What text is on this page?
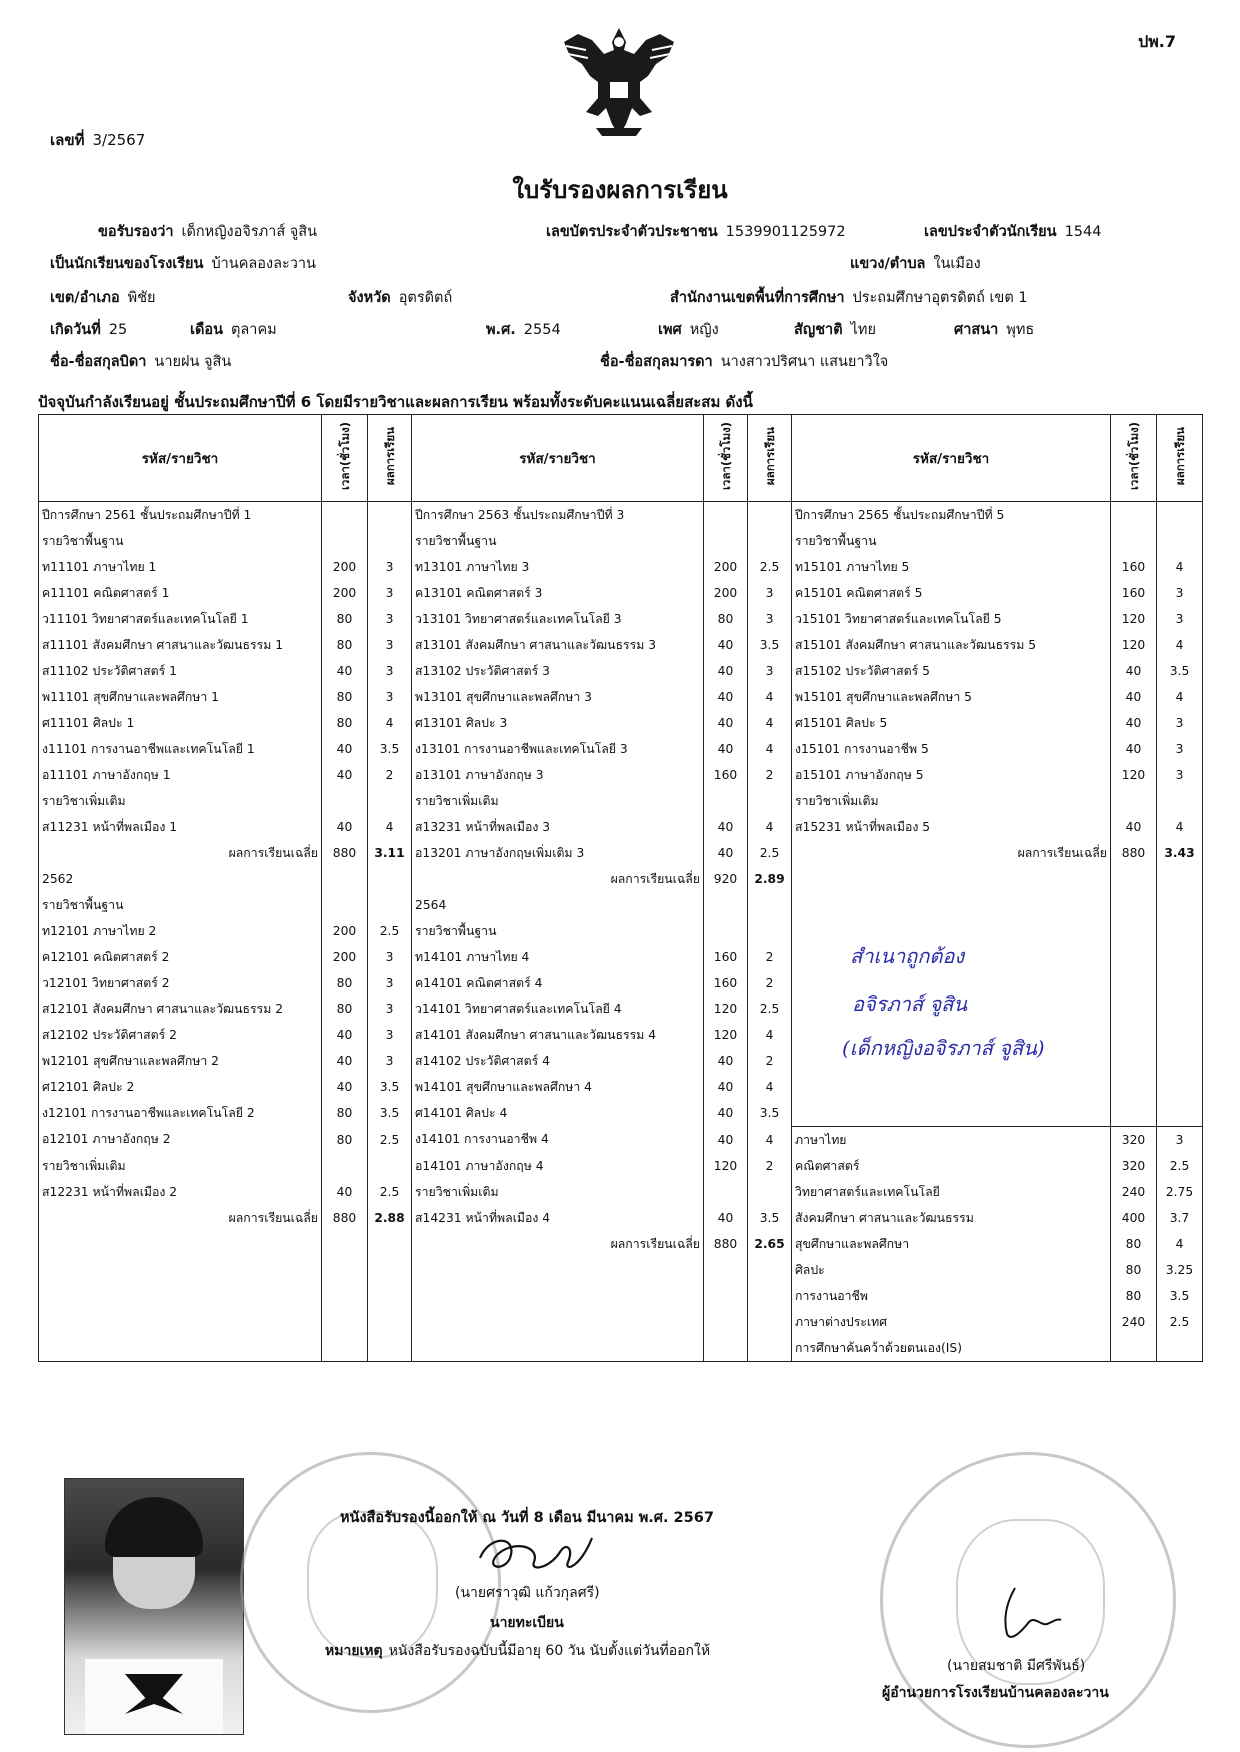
ปพ.7
เลขที่ 3/2567
ใบรับรองผลการเรียน
ขอรับรองว่า เด็กหญิงอจิรภาส์ จูสิน	เลขบัตรประจำตัวประชาชน 1539901125972	เลขประจำตัวนักเรียน 1544
เป็นนักเรียนของโรงเรียน บ้านคลองละวาน	แขวง/ตำบล ในเมือง
เขต/อำเภอ พิชัย	จังหวัด อุตรดิตถ์	สำนักงานเขตพื้นที่การศึกษา ประถมศึกษาอุตรดิตถ์ เขต 1
เกิดวันที่ 25	เดือน ตุลาคม	พ.ศ. 2554	เพศ หญิง	สัญชาติ ไทย	ศาสนา พุทธ
ชื่อ-ชื่อสกุลบิดา นายฝน จูสิน	ชื่อ-ชื่อสกุลมารดา นางสาวปริศนา แสนยาวิใจ
ปัจจุบันกำลังเรียนอยู่ ชั้นประถมศึกษาปีที่ 6 โดยมีรายวิชาและผลการเรียน พร้อมทั้งระดับคะแนนเฉลี่ยสะสม ดังนี้
รหัส/รายวิชา	เวลา(ชั่วโมง)	ผลการเรียน	รหัส/รายวิชา	เวลา(ชั่วโมง)	ผลการเรียน	รหัส/รายวิชา	เวลา(ชั่วโมง)	ผลการเรียน
ปีการศึกษา 2561 ชั้นประถมศึกษาปีที่ 1			ปีการศึกษา 2563 ชั้นประถมศึกษาปีที่ 3			ปีการศึกษา 2565 ชั้นประถมศึกษาปีที่ 5		
รายวิชาพื้นฐาน			รายวิชาพื้นฐาน			รายวิชาพื้นฐาน		
ท11101 ภาษาไทย 1	200	3	ท13101 ภาษาไทย 3	200	2.5	ท15101 ภาษาไทย 5	160	4
ค11101 คณิตศาสตร์ 1	200	3	ค13101 คณิตศาสตร์ 3	200	3	ค15101 คณิตศาสตร์ 5	160	3
ว11101 วิทยาศาสตร์และเทคโนโลยี 1	80	3	ว13101 วิทยาศาสตร์และเทคโนโลยี 3	80	3	ว15101 วิทยาศาสตร์และเทคโนโลยี 5	120	3
ส11101 สังคมศึกษา ศาสนาและวัฒนธรรม 1	80	3	ส13101 สังคมศึกษา ศาสนาและวัฒนธรรม 3	40	3.5	ส15101 สังคมศึกษา ศาสนาและวัฒนธรรม 5	120	4
ส11102 ประวัติศาสตร์ 1	40	3	ส13102 ประวัติศาสตร์ 3	40	3	ส15102 ประวัติศาสตร์ 5	40	3.5
พ11101 สุขศึกษาและพลศึกษา 1	80	3	พ13101 สุขศึกษาและพลศึกษา 3	40	4	พ15101 สุขศึกษาและพลศึกษา 5	40	4
ศ11101 ศิลปะ 1	80	4	ศ13101 ศิลปะ 3	40	4	ศ15101 ศิลปะ 5	40	3
ง11101 การงานอาชีพและเทคโนโลยี 1	40	3.5	ง13101 การงานอาชีพและเทคโนโลยี 3	40	4	ง15101 การงานอาชีพ 5	40	3
อ11101 ภาษาอังกฤษ 1	40	2	อ13101 ภาษาอังกฤษ 3	160	2	อ15101 ภาษาอังกฤษ 5	120	3
รายวิชาเพิ่มเติม			รายวิชาเพิ่มเติม			รายวิชาเพิ่มเติม		
ส11231 หน้าที่พลเมือง 1	40	4	ส13231 หน้าที่พลเมือง 3	40	4	ส15231 หน้าที่พลเมือง 5	40	4
ผลการเรียนเฉลี่ย	880	3.11	อ13201 ภาษาอังกฤษเพิ่มเติม 3	40	2.5	ผลการเรียนเฉลี่ย	880	3.43
2562			ผลการเรียนเฉลี่ย	920	2.89			
รายวิชาพื้นฐาน			2564					
ท12101 ภาษาไทย 2	200	2.5	รายวิชาพื้นฐาน					
ค12101 คณิตศาสตร์ 2	200	3	ท14101 ภาษาไทย 4	160	2			
ว12101 วิทยาศาสตร์ 2	80	3	ค14101 คณิตศาสตร์ 4	160	2			
ส12101 สังคมศึกษา ศาสนาและวัฒนธรรม 2	80	3	ว14101 วิทยาศาสตร์และเทคโนโลยี 4	120	2.5			
ส12102 ประวัติศาสตร์ 2	40	3	ส14101 สังคมศึกษา ศาสนาและวัฒนธรรม 4	120	4			
พ12101 สุขศึกษาและพลศึกษา 2	40	3	ส14102 ประวัติศาสตร์ 4	40	2			
ศ12101 ศิลปะ 2	40	3.5	พ14101 สุขศึกษาและพลศึกษา 4	40	4			
ง12101 การงานอาชีพและเทคโนโลยี 2	80	3.5	ศ14101 ศิลปะ 4	40	3.5			
อ12101 ภาษาอังกฤษ 2	80	2.5	ง14101 การงานอาชีพ 4	40	4	ภาษาไทย	320	3
รายวิชาเพิ่มเติม			อ14101 ภาษาอังกฤษ 4	120	2	คณิตศาสตร์	320	2.5
ส12231 หน้าที่พลเมือง 2	40	2.5	รายวิชาเพิ่มเติม			วิทยาศาสตร์และเทคโนโลยี	240	2.75
ผลการเรียนเฉลี่ย	880	2.88	ส14231 หน้าที่พลเมือง 4	40	3.5	สังคมศึกษา ศาสนาและวัฒนธรรม	400	3.7
			ผลการเรียนเฉลี่ย	880	2.65	สุขศึกษาและพลศึกษา	80	4
						ศิลปะ	80	3.25
						การงานอาชีพ	80	3.5
						ภาษาต่างประเทศ	240	2.5
						การศึกษาค้นคว้าด้วยตนเอง(IS)		
สำเนาถูกต้อง
อจิรภาส์ จูสิน
(เด็กหญิงอจิรภาส์ จูสิน)
หนังสือรับรองนี้ออกให้ ณ วันที่ 8 เดือน มีนาคม พ.ศ. 2567
(นายศราวุฒิ แก้วกุลศรี)
นายทะเบียน
หมายเหตุ หนังสือรับรองฉบับนี้มีอายุ 60 วัน นับตั้งแต่วันที่ออกให้
(นายสมชาติ มีศรีพันธ์)
ผู้อำนวยการโรงเรียนบ้านคลองละวาน
